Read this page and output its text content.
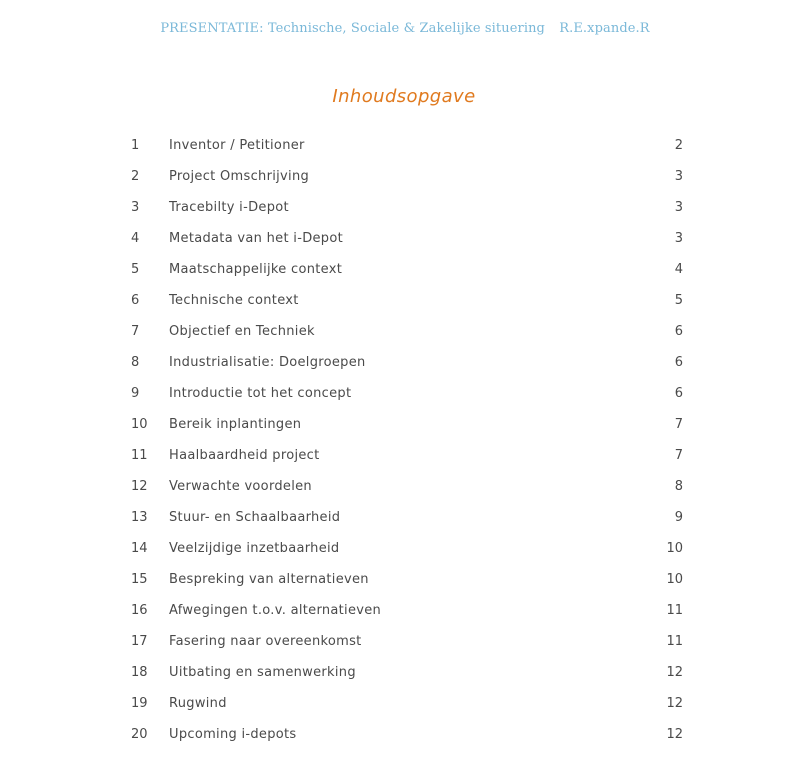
PRESENTATIE: Technische, Sociale & Zakelijke situering R.E.xpande.R
Inhoudsopgave
1 Inventor / Petitioner	2
2 Project Omschrijving	3
3 Tracebilty i-Depot	3
4 Metadata van het i-Depot	3
5 Maatschappelijke context	4
6 Technische context	5
7 Objectief en Techniek	6
8 Industrialisatie: Doelgroepen	6
9 Introductie tot het concept	6
10 Bereik inplantingen	7
11 Haalbaardheid project	7
12 Verwachte voordelen	8
13 Stuur- en Schaalbaarheid	9
14 Veelzijdige inzetbaarheid	10
15 Bespreking van alternatieven	10
16 Afwegingen t.o.v. alternatieven	11
17 Fasering naar overeenkomst	11
18 Uitbating en samenwerking	12
19 Rugwind	12
20 Upcoming i-depots	12
